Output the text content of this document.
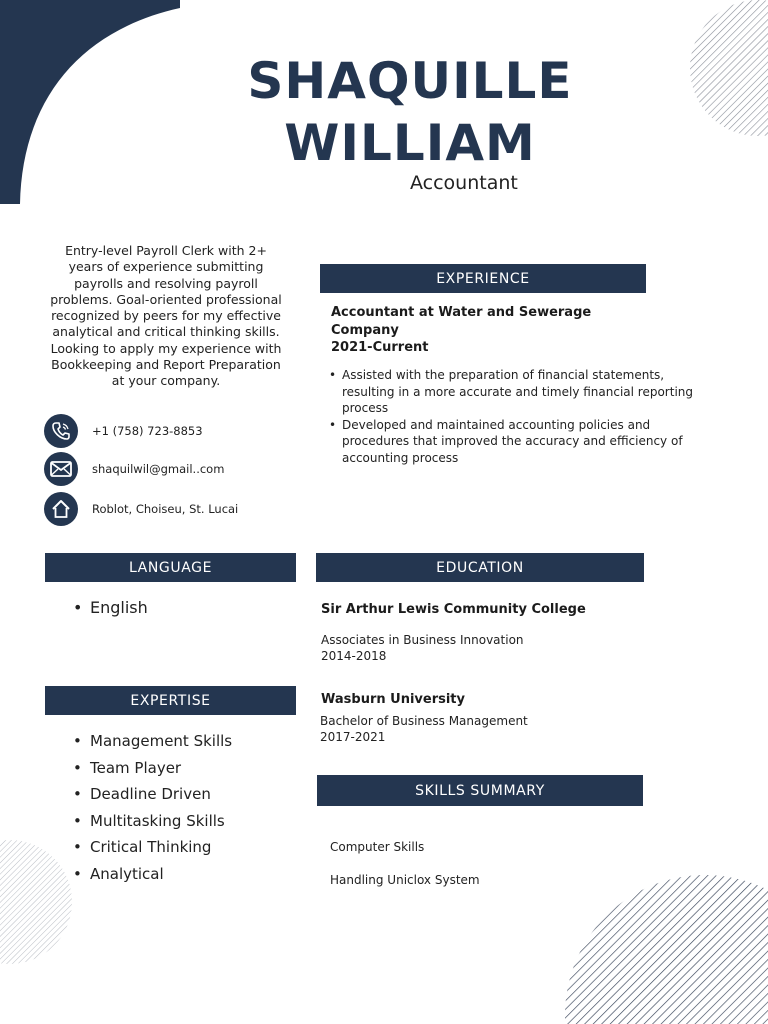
SHAQUILLE
WILLIAM
Accountant

Entry-level Payroll Clerk with 2+ years of experience submitting payrolls and resolving payroll problems. Goal-oriented professional recognized by peers for my effective analytical and critical thinking skills. Looking to apply my experience with Bookkeeping and Report Preparation at your company.

+1 (758) 723-8853
shaquilwil@gmail..com
Roblot, Choiseu, St. Lucai
EXPERIENCE
Accountant at Water and Sewerage
Company
2021-Current
• Assisted with the preparation of financial statements, resulting in a more accurate and timely financial reporting process
• Developed and maintained accounting policies and procedures that improved the accuracy and efficiency of accounting process
LANGUAGE
• English
EDUCATION
Sir Arthur Lewis Community College
Associates in Business Innovation
2014-2018
Wasburn University
Bachelor of Business Management
2017-2021
EXPERTISE
• Management Skills
• Team Player
• Deadline Driven
• Multitasking Skills
• Critical Thinking
• Analytical
SKILLS SUMMARY
Computer Skills
Handling Uniclox System
